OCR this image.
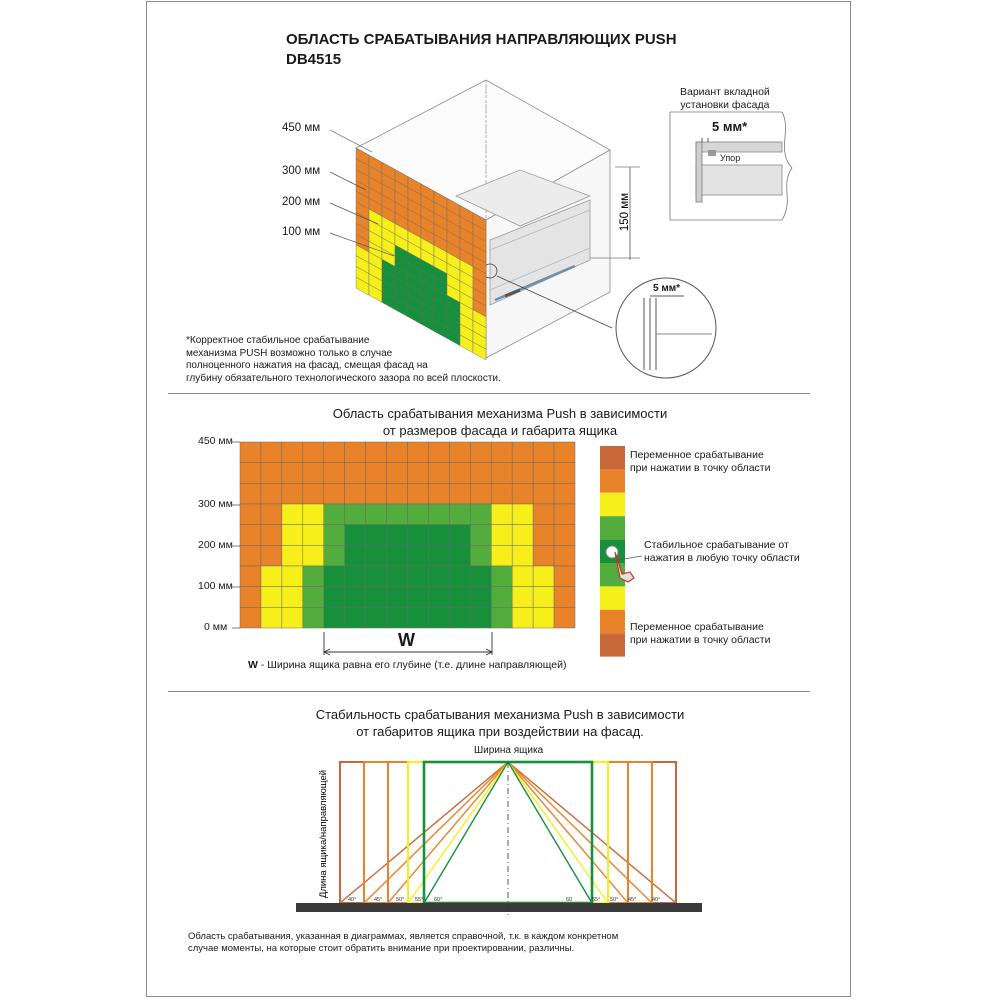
ОБЛАСТЬ СРАБАТЫВАНИЯ НАПРАВЛЯЮЩИХ PUSH
DB4515
150 мм
450 мм
300 мм
200 мм
100 мм
*Корректное стабильное срабатывание
механизма PUSH возможно только в случае
полноценного нажатия на фасад, смещая фасад на
глубину обязательного технологического зазора по всей плоскости.
Вариант вкладной
установки фасада
5 мм*
Упор
5 мм*
Область срабатывания механизма Push в зависимости
от размеров фасада и габарита ящика
450 мм
300 мм
200 мм
100 мм
0 мм
W
W - Ширина ящика равна его глубине (т.е. длине направляющей)
Переменное срабатывание
при нажатии в точку области
Стабильное срабатывание от
нажатия в любую точку области
Переменное срабатывание
при нажатии в точку области
Стабильность срабатывания механизма Push в зависимости
от габаритов ящика при воздействии на фасад.
Ширина ящика
Длина ящика/направляющей
40°	45° 50° 55° 60°	60	55° 50° 45°	40°
Область срабатывания, указанная в диаграммах, является справочной, т.к. в каждом конкретном
случае моменты, на которые стоит обратить внимание при проектировании, различны.
